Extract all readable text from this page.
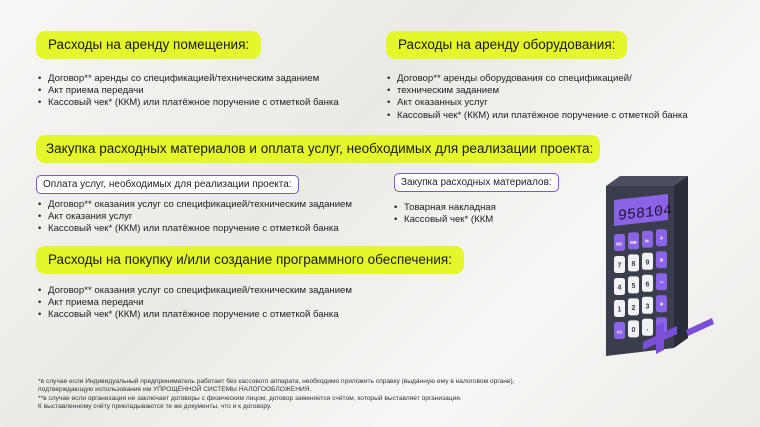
Расходы на аренду помещения:
• Договор** аренды со спецификацией/техническим заданием
• Акт приема передачи
• Кассовый чек* (ККМ) или платёжное поручение с отметкой банка
Расходы на аренду оборудования:
• Договор** аренды оборудования со спецификацией/
• техническим заданием
• Акт оказанных услуг
• Кассовый чек* (ККМ) или платёжное поручение с отметкой банка
Закупка расходных материалов и оплата услуг, необходимых для реализации проекта:
Оплата услуг, необходимых для реализации проекта:
• Договор** оказания услуг со спецификацией/техническим заданием
• Акт оказания услуг
• Кассовый чек* (ККМ) или платёжное поручение с отметкой банка
Закупка расходных материалов:
• Товарная накладная
• Кассовый чек* (ККМ
Расходы на покупку и/или создание программного обеспечения:
• Договор** оказания услуг со спецификацией/техническим заданием
• Акт приема передачи
• Кассовый чек* (ККМ) или платёжное поручение с отметкой банка

*в случае если Индивидуальный предприниматель работает без кассового аппарата, необходимо приложить справку (выданную ему в налоговом органе),

подтверждающую использование им УПРОЩЁННОЙ СИСТЕМЫ НАЛОГООБЛОЖЕНИЯ.

**в случае если организация не заключает договоры с физическим лицом, договор заменяется счётом, который выставляет организация.

К выставленному счёту прикладываются те же документы, что и к договору.

958104
MC MR M- ÷
7 8 9 ×
4 5 6 −
1 2 3 +
AC 0 .
